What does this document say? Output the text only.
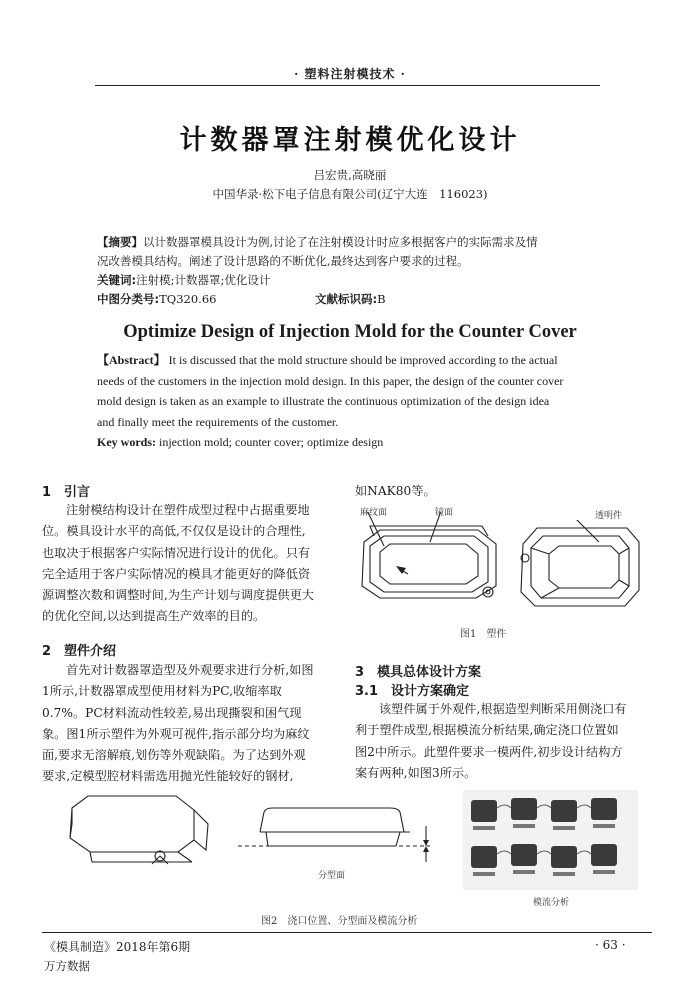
· 塑料注射模技术 ·
计数器罩注射模优化设计
吕宏贵,高晓丽
中国华录·松下电子信息有限公司(辽宁大连　116023)
【摘要】以计数器罩模具设计为例,讨论了在注射模设计时应多根据客户的实际需求及情
况改善模具结构。阐述了设计思路的不断优化,最终达到客户要求的过程。
关键词:注射模;计数器罩;优化设计
中图分类号:TQ320.66	文献标识码:B
Optimize Design of Injection Mold for the Counter Cover
【Abstract】 It is discussed that the mold structure should be improved according to the actual
needs of the customers in the injection mold design. In this paper, the design of the counter cover
mold design is taken as an example to illustrate the continuous optimization of the design idea
and finally meet the requirements of the customer.
Key words: injection mold; counter cover; optimize design
1　引言
注射模结构设计在塑件成型过程中占据重要地
位。模具设计水平的高低,不仅仅是设计的合理性,
也取决于根据客户实际情况进行设计的优化。只有
完全适用于客户实际情况的模具才能更好的降低资
源调整次数和调整时间,为生产计划与调度提供更大
的优化空间,以达到提高生产效率的目的。
2　塑件介绍
首先对计数器罩造型及外观要求进行分析,如图
1所示,计数器罩成型使用材料为PC,收缩率取
0.7%。PC材料流动性较差,易出现撕裂和困气现
象。图1所示塑件为外观可视件,指示部分均为麻纹
面,要求无溶解痕,划伤等外观缺陷。为了达到外观
要求,定模型腔材料需选用抛光性能较好的钢材,
如NAK80等。
麻纹面	镜面	透明件
图1　塑件
3　模具总体设计方案
3.1　设计方案确定
该塑件属于外观件,根据造型判断采用侧浇口有
利于塑件成型,根据模流分析结果,确定浇口位置如
图2中所示。此塑件要求一模两件,初步设计结构方
案有两种,如图3所示。
分型面
模流分析
图2　浇口位置、分型面及模流分析
《模具制造》2018年第6期	· 63 ·
万方数据
